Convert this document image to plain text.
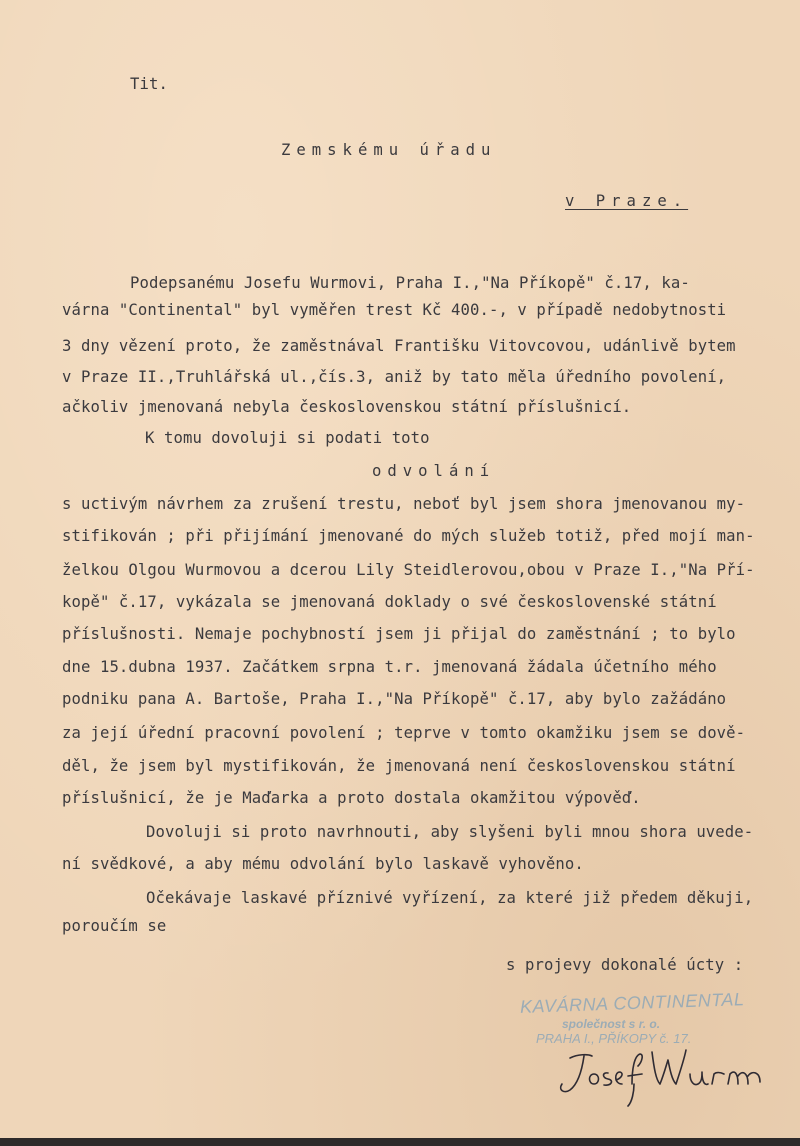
Tit.
Zemskému úřadu
v Praze.
Podepsanému Josefu Wurmovi, Praha I.,"Na Příkopě" č.17, ka-
várna "Continental" byl vyměřen trest Kč 400.-, v případě nedobytnosti
3 dny vězení proto, že zaměstnával Františku Vitovcovou, udánlivě bytem
v Praze II.,Truhlářská ul.,čís.3, aniž by tato měla úředního povolení,
ačkoliv jmenovaná nebyla československou státní příslušnicí.
K tomu dovoluji si podati toto
odvolání
s uctivým návrhem za zrušení trestu, neboť byl jsem shora jmenovanou my-
stifikován ; při přijímání jmenované do mých služeb totiž, před mojí man-
želkou Olgou Wurmovou a dcerou Lily Steidlerovou,obou v Praze I.,"Na Pří-
kopě" č.17, vykázala se jmenovaná doklady o své československé státní
příslušnosti. Nemaje pochybností jsem ji přijal do zaměstnání ; to bylo
dne 15.dubna 1937. Začátkem srpna t.r. jmenovaná žádala účetního mého
podniku pana A. Bartoše, Praha I.,"Na Příkopě" č.17, aby bylo zažádáno
za její úřední pracovní povolení ; teprve v tomto okamžiku jsem se dově-
děl, že jsem byl mystifikován, že jmenovaná není československou státní
příslušnicí, že je Maďarka a proto dostala okamžitou výpověď.
Dovoluji si proto navrhnouti, aby slyšeni byli mnou shora uvede-
ní svědkové, a aby mému odvolání bylo laskavě vyhověno.
Očekávaje laskavé příznivé vyřízení, za které již předem děkuji,
poroučím se
s projevy dokonalé úcty :
KAVÁRNA CONTINENTAL
společnost s r. o.
PRAHA I., PŘÍKOPY č. 17.
